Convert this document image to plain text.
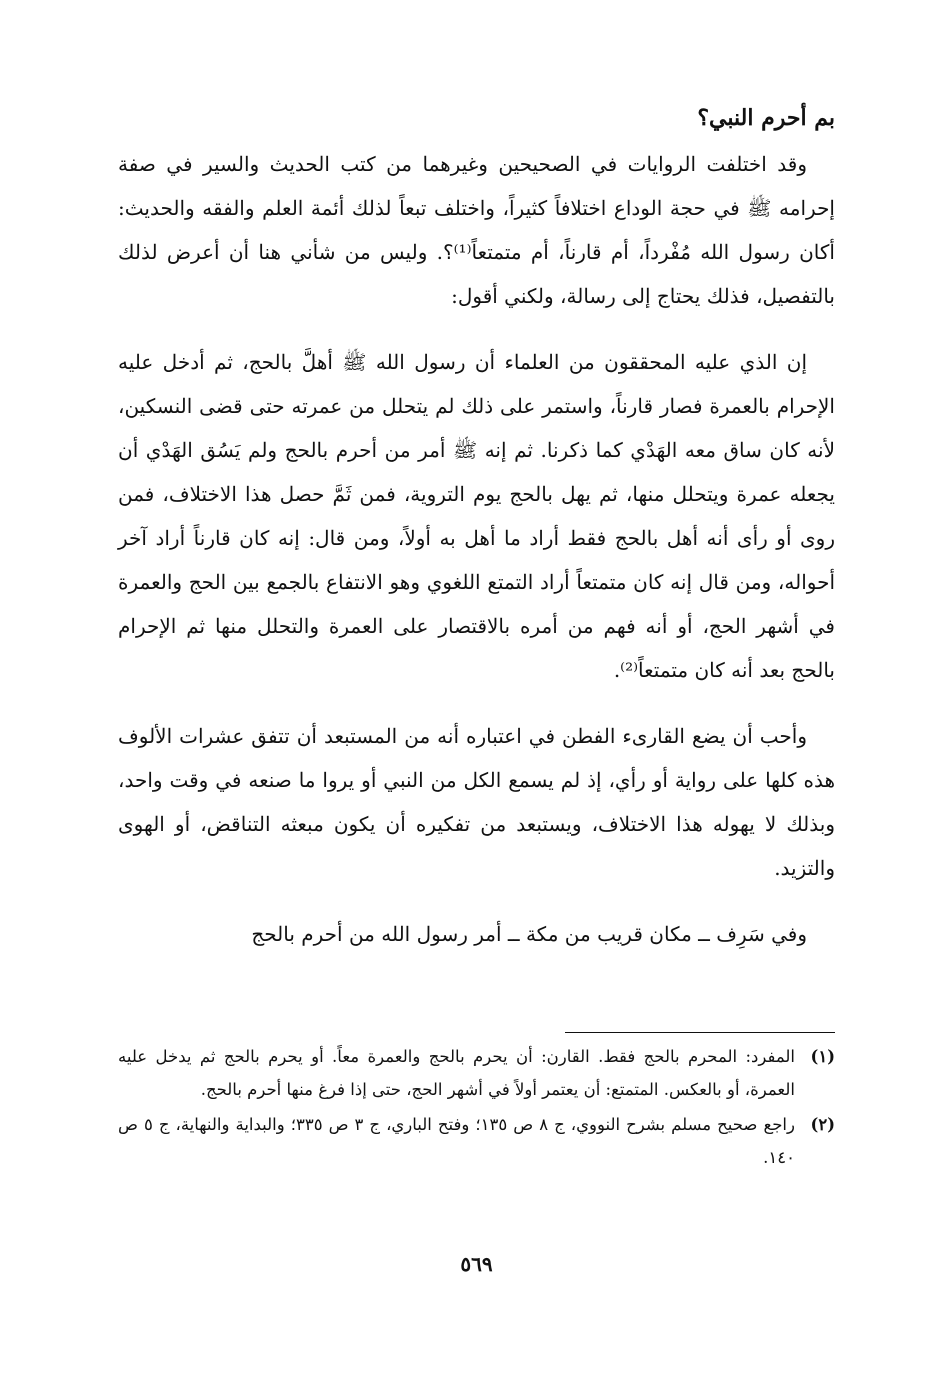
بم أحرم النبي؟

وقد اختلفت الروايات في الصحيحين وغيرهما من كتب الحديث والسير في صفة إحرامه ﷺ في حجة الوداع اختلافاً كثيراً، واختلف تبعاً لذلك أئمة العلم والفقه والحديث: أكان رسول الله مُفْرداً، أم قارناً، أم متمتعاً⁽¹⁾؟. وليس من شأني هنا أن أعرض لذلك بالتفصيل، فذلك يحتاج إلى رسالة، ولكني أقول:

إن الذي عليه المحققون من العلماء أن رسول الله ﷺ أهلَّ بالحج، ثم أدخل عليه الإحرام بالعمرة فصار قارناً، واستمر على ذلك لم يتحلل من عمرته حتى قضى النسكين، لأنه كان ساق معه الهَدْي كما ذكرنا. ثم إنه ﷺ أمر من أحرم بالحج ولم يَسُق الهَدْي أن يجعله عمرة ويتحلل منها، ثم يهل بالحج يوم التروية، فمن ثَمَّ حصل هذا الاختلاف، فمن روى أو رأى أنه أهل بالحج فقط أراد ما أهل به أولاً، ومن قال: إنه كان قارناً أراد آخر أحواله، ومن قال إنه كان متمتعاً أراد التمتع اللغوي وهو الانتفاع بالجمع بين الحج والعمرة في أشهر الحج، أو أنه فهم من أمره بالاقتصار على العمرة والتحلل منها ثم الإحرام بالحج بعد أنه كان متمتعاً⁽²⁾.

وأحب أن يضع القارىء الفطن في اعتباره أنه من المستبعد أن تتفق عشرات الألوف هذه كلها على رواية أو رأي، إذ لم يسمع الكل من النبي أو يروا ما صنعه في وقت واحد، وبذلك لا يهوله هذا الاختلاف، ويستبعد من تفكيره أن يكون مبعثه التناقض، أو الهوى والتزيد.

وفي سَرِف ــ مكان قريب من مكة ــ أمر رسول الله من أحرم بالحج

(١)
المفرد: المحرم بالحج فقط. القارن: أن يحرم بالحج والعمرة معاً. أو يحرم بالحج ثم يدخل عليه العمرة، أو بالعكس. المتمتع: أن يعتمر أولاً في أشهر الحج، حتى إذا فرغ منها أحرم بالحج.
(٢)
راجع صحيح مسلم بشرح النووي، ج ٨ ص ١٣٥؛ وفتح الباري، ج ٣ ص ٣٣٥؛ والبداية والنهاية، ج ٥ ص ١٤٠.
٥٦٩
